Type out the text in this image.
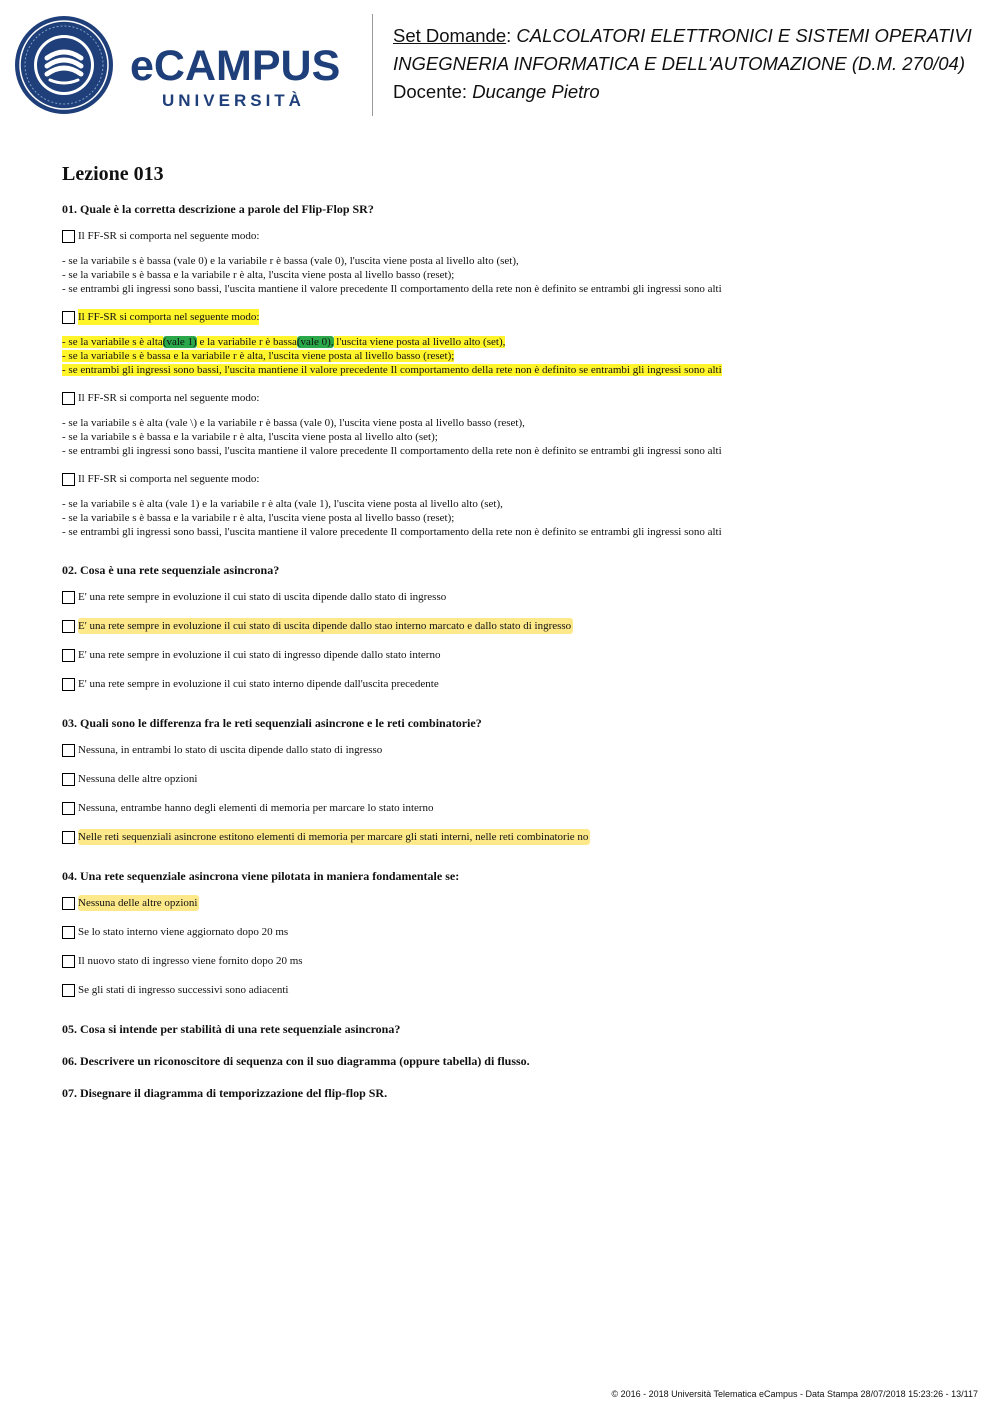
eCAMPUS
UNIVERSITÀ
Set Domande: CALCOLATORI ELETTRONICI E SISTEMI OPERATIVI
INGEGNERIA INFORMATICA E DELL'AUTOMAZIONE (D.M. 270/04)
Docente: Ducange Pietro
Lezione 013
01. Quale è la corretta descrizione a parole del Flip-Flop SR?
Il FF-SR si comporta nel seguente modo:
- se la variabile s è bassa (vale 0) e la variabile r è bassa (vale 0), l'uscita viene posta al livello alto (set),
- se la variabile s è bassa e la variabile r è alta, l'uscita viene posta al livello basso (reset);
- se entrambi gli ingressi sono bassi, l'uscita mantiene il valore precedente Il comportamento della rete non è definito se entrambi gli ingressi sono alti
Il FF-SR si comporta nel seguente modo:
- se la variabile s è alta(vale 1) e la variabile r è bassa(vale 0), l'uscita viene posta al livello alto (set),
- se la variabile s è bassa e la variabile r è alta, l'uscita viene posta al livello basso (reset);
- se entrambi gli ingressi sono bassi, l'uscita mantiene il valore precedente Il comportamento della rete non è definito se entrambi gli ingressi sono alti
Il FF-SR si comporta nel seguente modo:
- se la variabile s è alta (vale \) e la variabile r è bassa (vale 0), l'uscita viene posta al livello basso (reset),
- se la variabile s è bassa e la variabile r è alta, l'uscita viene posta al livello alto (set);
- se entrambi gli ingressi sono bassi, l'uscita mantiene il valore precedente Il comportamento della rete non è definito se entrambi gli ingressi sono alti
Il FF-SR si comporta nel seguente modo:
- se la variabile s è alta (vale 1) e la variabile r è alta (vale 1), l'uscita viene posta al livello alto (set),
- se la variabile s è bassa e la variabile r è alta, l'uscita viene posta al livello basso (reset);
- se entrambi gli ingressi sono bassi, l'uscita mantiene il valore precedente Il comportamento della rete non è definito se entrambi gli ingressi sono alti
02. Cosa è una rete sequenziale asincrona?
E' una rete sempre in evoluzione il cui stato di uscita dipende dallo stato di ingresso
E' una rete sempre in evoluzione il cui stato di uscita dipende dallo stao interno marcato e dallo stato di ingresso
E' una rete sempre in evoluzione il cui stato di ingresso dipende dallo stato interno
E' una rete sempre in evoluzione il cui stato interno dipende dall'uscita precedente
03. Quali sono le differenza fra le reti sequenziali asincrone e le reti combinatorie?
Nessuna, in entrambi lo stato di uscita dipende dallo stato di ingresso
Nessuna delle altre opzioni
Nessuna, entrambe hanno degli elementi di memoria per marcare lo stato interno
Nelle reti sequenziali asincrone estitono elementi di memoria per marcare gli stati interni, nelle reti combinatorie no
04. Una rete sequenziale asincrona viene pilotata in maniera fondamentale se:
Nessuna delle altre opzioni
Se lo stato interno viene aggiornato dopo 20 ms
Il nuovo stato di ingresso viene fornito dopo 20 ms
Se gli stati di ingresso successivi sono adiacenti
05. Cosa si intende per stabilità di una rete sequenziale asincrona?
06. Descrivere un riconoscitore di sequenza con il suo diagramma (oppure tabella) di flusso.
07. Disegnare il diagramma di temporizzazione del flip-flop SR.
© 2016 - 2018 Università Telematica eCampus - Data Stampa 28/07/2018 15:23:26 - 13/117
